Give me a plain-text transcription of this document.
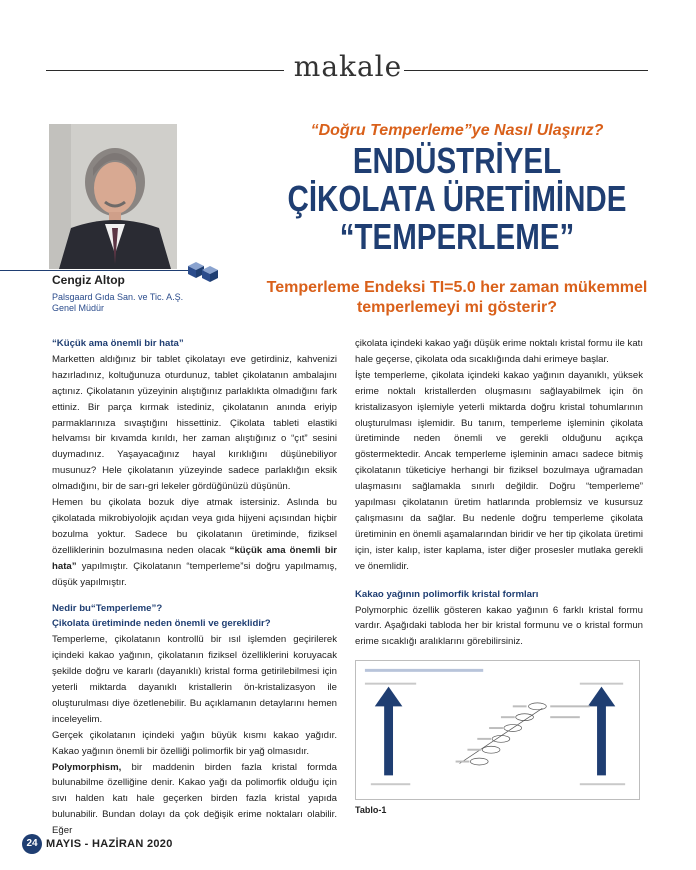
makale
Cengiz Altop
Palsgaard Gıda San. ve Tic. A.Ş.
Genel Müdür
“Doğru Temperleme”ye Nasıl Ulaşırız?
ENDÜSTRİYEL
ÇİKOLATA ÜRETİMİNDE
“TEMPERLEME”
Temperleme Endeksi TI=5.0 her zaman mükemmel temperlemeyi mi gösterir?

“Küçük ama önemli bir hata”

Marketten aldığınız bir tablet çikolatayı eve getirdiniz, kahvenizi hazırladınız, koltuğunuza oturdunuz, tablet çikolatanın ambalajını açtınız. Çikolatanın yüzeyinin alıştığınız parlaklıkta olmadığını fark ettiniz. Bir parça kırmak istediniz, çikolatanın anında eriyip parmaklarınıza sıvaştığını hissettiniz. Çikolata tableti elastiki helvamsı bir kıvamda kırıldı, her zaman alıştığınız o “çıt” sesini duymadınız. Yaşayacağınız hayal kırıklığını düşünebiliyor musunuz? Hele çikolatanın yüzeyinde sadece parlaklığın eksik olmadığını, bir de sarı-gri lekeler gördüğünüzü düşünün.

Hemen bu çikolata bozuk diye atmak istersiniz. Aslında bu çikolatada mikrobiyolojik açıdan veya gıda hijyeni açısından hiçbir bozulma yoktur. Sadece bu çikolatanın üretiminde, fiziksel özelliklerinin bozulmasına neden olacak “küçük ama önemli bir hata” yapılmıştır. Çikolatanın “temperleme”si doğru yapılmamış, düşük yapılmıştır.

Nedir bu“Temperleme”?

Çikolata üretiminde neden önemli ve gereklidir?

Temperleme, çikolatanın kontrollü bir ısıl işlemden geçirilerek içindeki kakao yağının, çikolatanın fiziksel özelliklerini koruyacak şekilde doğru ve kararlı (dayanıklı) kristal forma getirilebilmesi için yeterli miktarda dayanıklı kristallerin ön-kristalizasyon ile oluşturulması diye özetlenebilir. Bu açıklamanın detaylarını hemen inceleyelim.

Gerçek çikolatanın içindeki yağın büyük kısmı kakao yağıdır. Kakao yağının önemli bir özelliği polimorfik bir yağ olmasıdır.

Polymorphism, bir maddenin birden fazla kristal formda bulunabilme özelliğine denir. Kakao yağı da polimorfik olduğu için sıvı halden katı hale geçerken birden fazla kristal yapıda bulunabilir. Bundan dolayı da çok değişik erime noktaları olabilir. Eğer

çikolata içindeki kakao yağı düşük erime noktalı kristal formu ile katı hale geçerse, çikolata oda sıcaklığında dahi erimeye başlar.

İşte temperleme, çikolata içindeki kakao yağının dayanıklı, yüksek erime noktalı kristallerden oluşmasını sağlayabilmek için ön kristalizasyon işlemiyle yeterli miktarda doğru kristal tohumlarının oluşturulması işlemidir. Bu tanım, temperleme işleminin çikolata üretiminde neden önemli ve gerekli olduğunu açıkça göstermektedir. Ancak temperleme işleminin amacı sadece bitmiş çikolatanın tüketiciye herhangi bir fiziksel bozulmaya uğramadan ulaşmasını sağlamakla sınırlı değildir. Doğru “temperleme” yapılması çikolatanın üretim hatlarında problemsiz ve kusursuz çalışmasını da sağlar. Bu nedenle doğru temperleme çikolata üretiminin en önemli aşamalarından biridir ve her tip çikolata üretimi için, ister kalıp, ister kaplama, ister diğer prosesler mutlaka gerekli ve önemlidir.

Kakao yağının polimorfik kristal formları

Polymorphic özellik gösteren kakao yağının 6 farklı kristal formu vardır. Aşağıdaki tabloda her bir kristal formunu ve o kristal formun erime sıcaklığı aralıklarını görebilirsiniz.

Tablo-1
24 MAYIS - HAZİRAN 2020
